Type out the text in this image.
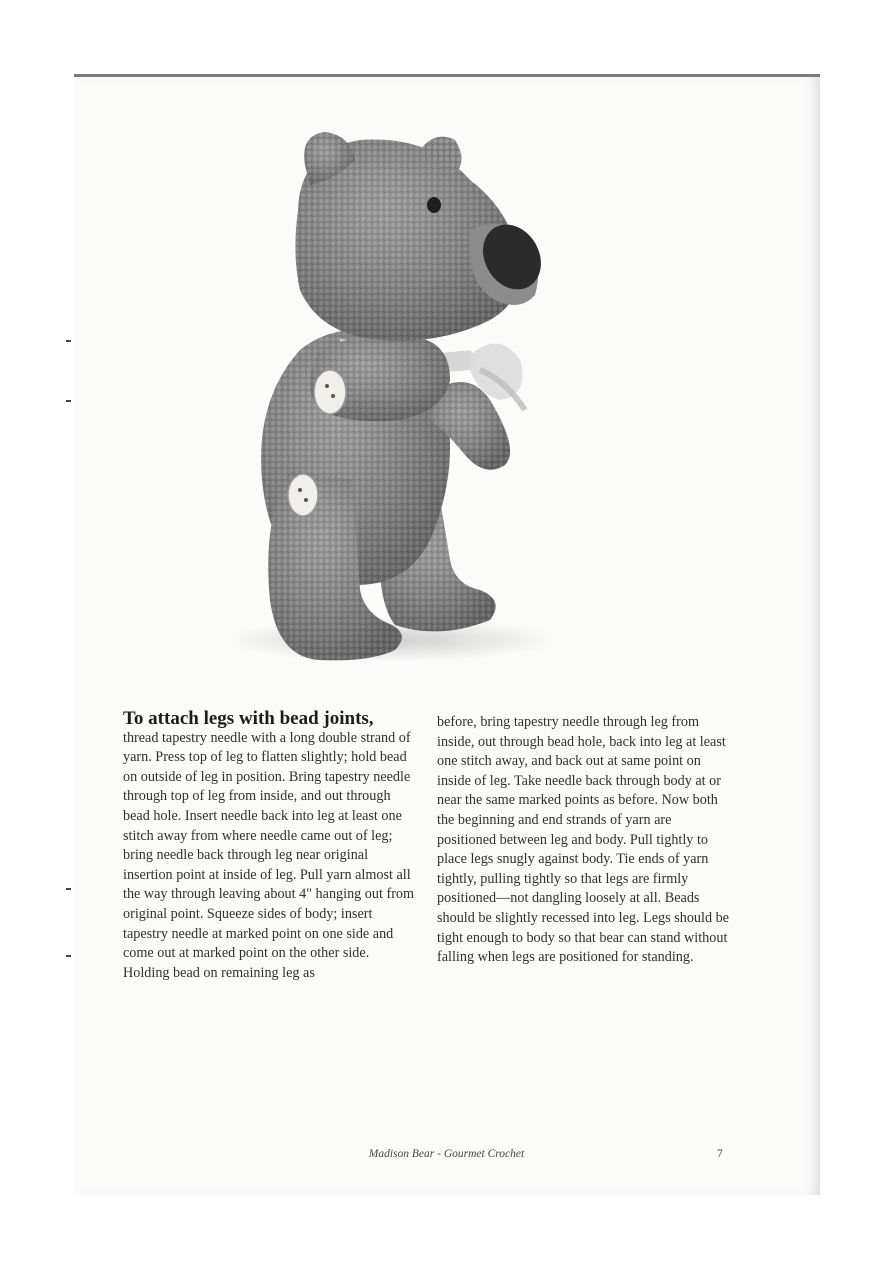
To attach legs with bead joints,

thread tapestry needle with a long double strand of yarn. Press top of leg to flatten slightly; hold bead on outside of leg in position. Bring tapestry needle through top of leg from inside, and out through bead hole. Insert needle back into leg at least one stitch away from where needle came out of leg; bring needle back through leg near original insertion point at inside of leg. Pull yarn almost all the way through leaving about 4" hanging out from original point. Squeeze sides of body; insert tapestry needle at marked point on one side and come out at marked point on the other side. Holding bead on remaining leg as

before, bring tapestry needle through leg from inside, out through bead hole, back into leg at least one stitch away, and back out at same point on inside of leg. Take needle back through body at or near the same marked points as before. Now both the beginning and end strands of yarn are positioned between leg and body. Pull tightly to place legs snugly against body. Tie ends of yarn tightly, pulling tightly so that legs are firmly positioned—not dangling loosely at all. Beads should be slightly recessed into leg. Legs should be tight enough to body so that bear can stand without falling when legs are positioned for standing.

Madison Bear - Gourmet Crochet	7
